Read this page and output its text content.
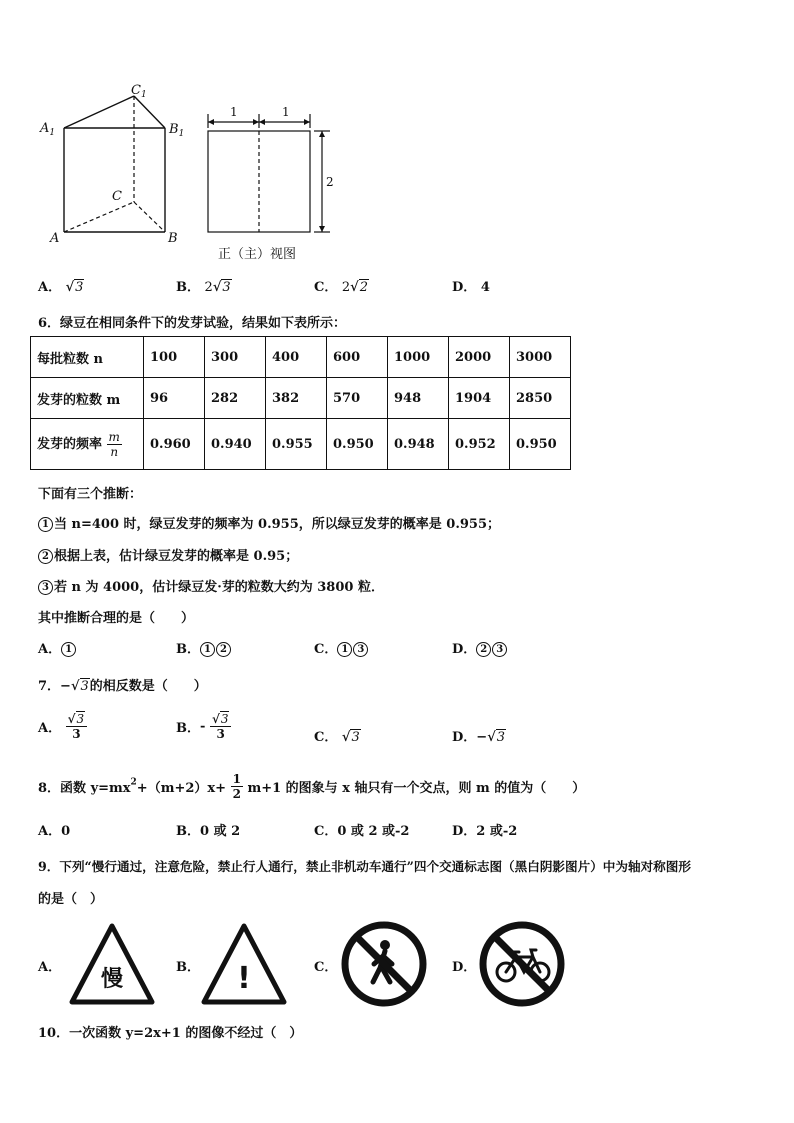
$C_1$
$A_1$	$B_1$
C
A	B
1	1
2
正（主）视图
A． √3	B． 2√3	C． 2√2	D． 4
6．绿豆在相同条件下的发芽试验，结果如下表所示：
每批粒数 n	100	300	400	600	1000	2000	3000
发芽的粒数 m	96	282	382	570	948	1904	2850
发芽的频率 $\frac{m}{n}$	0.960	0.940	0.955	0.950	0.948	0.952	0.950
下面有三个推断：
1 当 n=400 时，绿豆发芽的频率为 0.955，所以绿豆发芽的概率是 0.955；
2 根据上表，估计绿豆发芽的概率是 0.95；
3 若 n 为 4000，估计绿豆发·芽的粒数大约为 3800 粒．
其中推断合理的是（　　）
A． 1	B． 1 2	C． 1 3	D． 2 3
7．−√3的相反数是（　　）
A． $\frac{√3}{3}$	B．- $\frac{√3}{3}$	C． √3	D．−√3
8．函数 $y=mx^2+(m+2)x+ \frac{1}{2} m+1$ 的图象与 x 轴只有一个交点，则 m 的值为（　　）
A．0	B．0 或 2	C．0 或 2 或-2	D．2 或-2
9．下列“慢行通过，注意危险，禁止行人通行，禁止非机动车通行”四个交通标志图（黑白阴影图片）中为轴对称图形
的是（　）
A． 慢	B． !	C．	D．
10．一次函数 y=2x+1 的图像不经过（　）
